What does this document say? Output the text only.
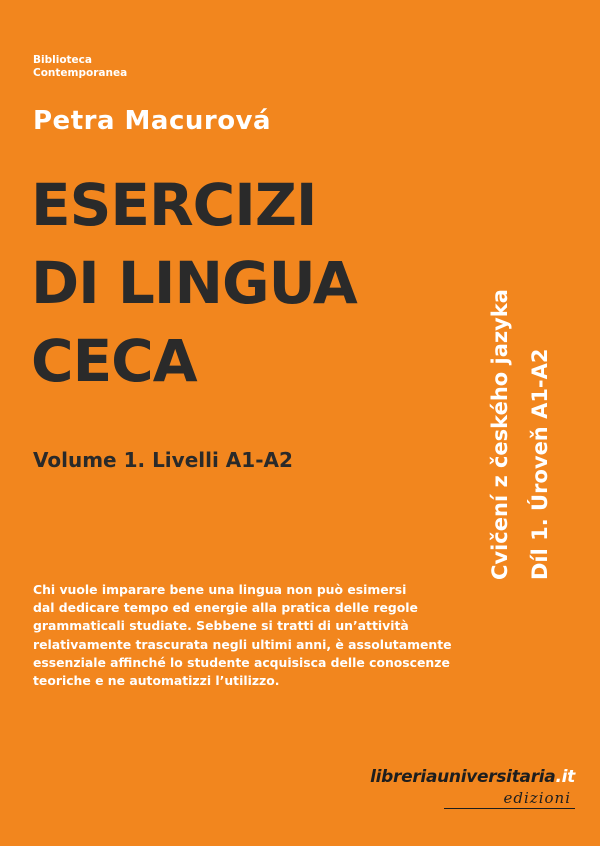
Biblioteca
Contemporanea
Petra Macurová
ESERCIZI
DI LINGUA
CECA
Volume 1. Livelli A1-A2	Cvičení z českého jazyka Díl 1. Úroveň A1-A2
Chi vuole imparare bene una lingua non può esimersi
dal dedicare tempo ed energie alla pratica delle regole
grammaticali studiate. Sebbene si tratti di un’attività
relativamente trascurata negli ultimi anni, è assolutamente
essenziale affinché lo studente acquisisca delle conoscenze
teoriche e ne automatizzi l’utilizzo.
libreriauniversitaria.it
edizioni
